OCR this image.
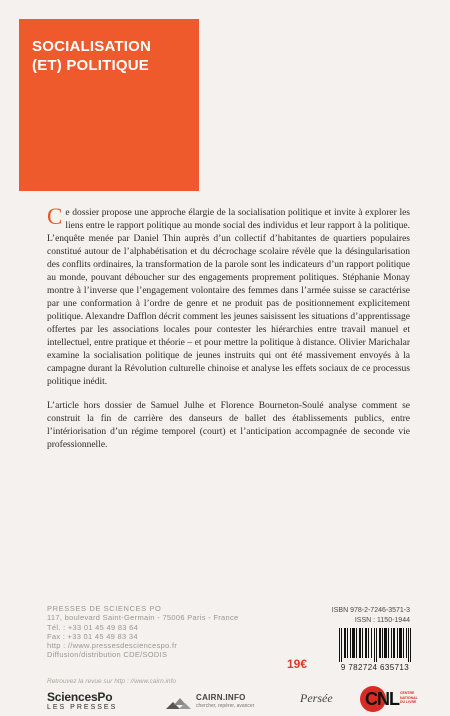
SOCIALISATION
(ET) POLITIQUE

Ce dossier propose une approche élargie de la socialisation politique et invite à explorer les liens entre le rapport politique au monde social des individus et leur rapport à la politique. L’enquête menée par Daniel Thin auprès d’un collectif d’habitantes de quartiers populaires constitué autour de l’alphabétisation et du décrochage scolaire révèle que la désingularisation des conflits ordinaires, la transformation de la parole sont les indicateurs d’un rapport politique au monde, pouvant déboucher sur des engagements proprement politiques. Stéphanie Monay montre à l’inverse que l’engagement volontaire des femmes dans l’armée suisse se caractérise par une conformation à l’ordre de genre et ne produit pas de positionnement explicitement politique. Alexandre Dafflon décrit comment les jeunes saisissent les situations d’apprentissage offertes par les associations locales pour contester les hiérarchies entre travail manuel et intellectuel, entre pratique et théorie – et pour mettre la politique à distance. Olivier Marichalar examine la socialisation politique de jeunes instruits qui ont été massivement envoyés à la campagne durant la Révolution culturelle chinoise et analyse les effets sociaux de ce processus politique inédit.

L’article hors dossier de Samuel Julhe et Florence Bourneton-Soulé analyse comment se construit la fin de carrière des danseurs de ballet des établissements publics, entre l’intériorisation d’un régime temporel (court) et l’anticipation accompagnée de seconde vie professionnelle.

PRESSES DE SCIENCES PO
117, boulevard Saint-Germain - 75006 Paris - France
Tél. : +33 01 45 49 83 64
Fax : +33 01 45 49 83 34
http : //www.pressesdesciencespo.fr
Diffusion/distribution CDE/SODIS
19€
ISBN 978-2-7246-3571-3
ISSN : 1150-1944
9 782724 635713
Retrouvez la revue sur http : //www.cairn.info
SciencesPo
LES PRESSES
CAIRN.INFO
chercher, repérer, avancer
Persée CNL CENTRE
NATIONAL
DU LIVRE
